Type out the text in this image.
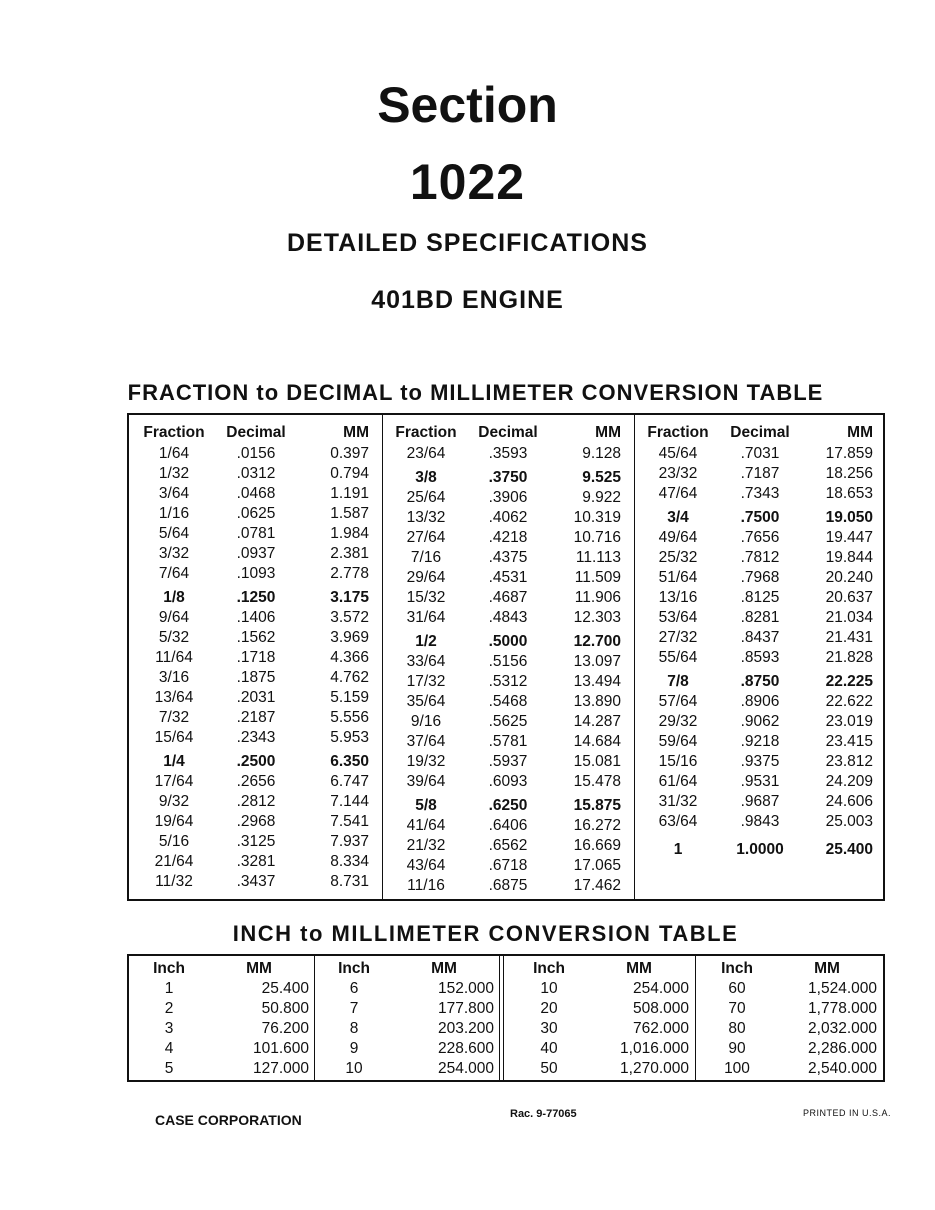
Section
1022
DETAILED SPECIFICATIONS
401BD ENGINE
FRACTION to DECIMAL to MILLIMETER CONVERSION TABLE
Fraction	Decimal	MM
1/64	.0156	0.397
1/32	.0312	0.794
3/64	.0468	1.191
1/16	.0625	1.587
5/64	.0781	1.984
3/32	.0937	2.381
7/64	.1093	2.778
1/8	.1250	3.175
9/64	.1406	3.572
5/32	.1562	3.969
11/64	.1718	4.366
3/16	.1875	4.762
13/64	.2031	5.159
7/32	.2187	5.556
15/64	.2343	5.953
1/4	.2500	6.350
17/64	.2656	6.747
9/32	.2812	7.144
19/64	.2968	7.541
5/16	.3125	7.937
21/64	.3281	8.334
11/32	.3437	8.731
Fraction	Decimal	MM
23/64	.3593	9.128
3/8	.3750	9.525
25/64	.3906	9.922
13/32	.4062	10.319
27/64	.4218	10.716
7/16	.4375	11.113
29/64	.4531	11.509
15/32	.4687	11.906
31/64	.4843	12.303
1/2	.5000	12.700
33/64	.5156	13.097
17/32	.5312	13.494
35/64	.5468	13.890
9/16	.5625	14.287
37/64	.5781	14.684
19/32	.5937	15.081
39/64	.6093	15.478
5/8	.6250	15.875
41/64	.6406	16.272
21/32	.6562	16.669
43/64	.6718	17.065
11/16	.6875	17.462
Fraction	Decimal	MM
45/64	.7031	17.859
23/32	.7187	18.256
47/64	.7343	18.653
3/4	.7500	19.050
49/64	.7656	19.447
25/32	.7812	19.844
51/64	.7968	20.240
13/16	.8125	20.637
53/64	.8281	21.034
27/32	.8437	21.431
55/64	.8593	21.828
7/8	.8750	22.225
57/64	.8906	22.622
29/32	.9062	23.019
59/64	.9218	23.415
15/16	.9375	23.812
61/64	.9531	24.209
31/32	.9687	24.606
63/64	.9843	25.003
1	1.0000	25.400
INCH to MILLIMETER CONVERSION TABLE
Inch	MM
1	25.400
2	50.800
3	76.200
4	101.600
5	127.000
Inch	MM
6	152.000
7	177.800
8	203.200
9	228.600
10	254.000
Inch	MM
10	254.000
20	508.000
30	762.000
40	1,016.000
50	1,270.000
Inch	MM
60	1,524.000
70	1,778.000
80	2,032.000
90	2,286.000
100	2,540.000
CASE CORPORATION	Rac. 9-77065	PRINTED IN U.S.A.
